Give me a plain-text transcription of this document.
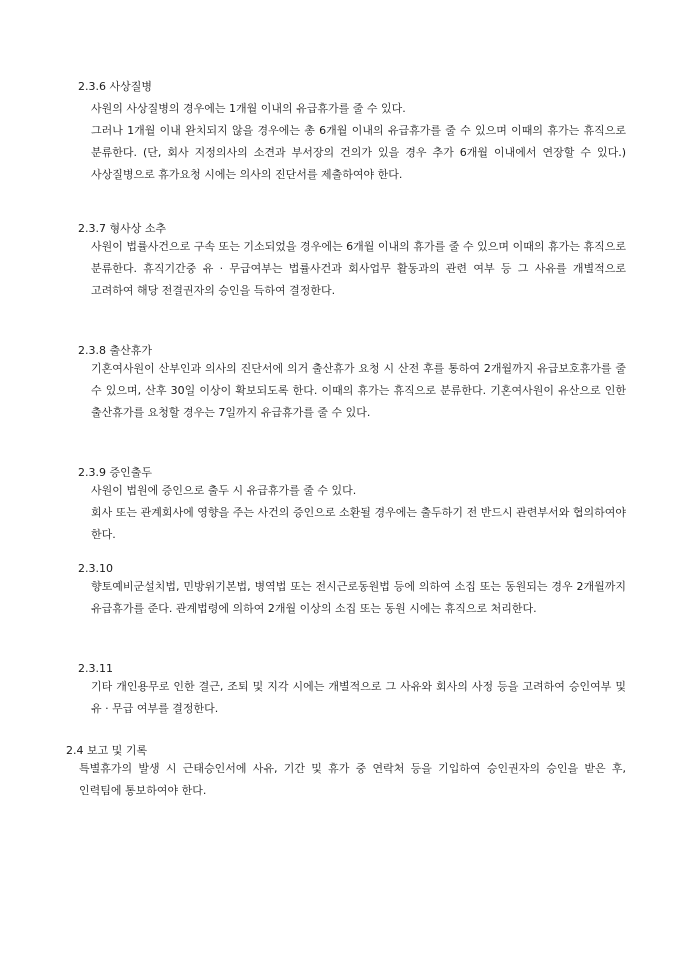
2.3.6 사상질병
사원의 사상질병의 경우에는 1개월 이내의 유급휴가를 줄 수 있다.
그러나 1개월 이내 완치되지 않을 경우에는 총 6개월 이내의 유급휴가를 줄 수 있으며 이때의 휴가는 휴직으로 분류한다. (단, 회사 지정의사의 소견과 부서장의 건의가 있을 경우 추가 6개월 이내에서 연장할 수 있다.) 사상질병으로 휴가요청 시에는 의사의 진단서를 제출하여야 한다.
2.3.7 형사상 소추
사원이 법률사건으로 구속 또는 기소되었을 경우에는 6개월 이내의 휴가를 줄 수 있으며 이때의 휴가는 휴직으로 분류한다. 휴직기간중 유 · 무급여부는 법률사건과 회사업무 활동과의 관련 여부 등 그 사유를 개별적으로 고려하여 해당 전결권자의 승인을 득하여 결정한다.
2.3.8 출산휴가
기혼여사원이 산부인과 의사의 진단서에 의거 출산휴가 요청 시 산전 후를 통하여 2개월까지 유급보호휴가를 줄 수 있으며, 산후 30일 이상이 확보되도록 한다. 이때의 휴가는 휴직으로 분류한다. 기혼여사원이 유산으로 인한 출산휴가를 요청할 경우는 7일까지 유급휴가를 줄 수 있다.
2.3.9 증인출두
사원이 법원에 증인으로 출두 시 유급휴가를 줄 수 있다.
회사 또는 관계회사에 영향을 주는 사건의 증인으로 소환될 경우에는 출두하기 전 반드시 관련부서와 협의하여야 한다.
2.3.10
향토예비군설치법, 민방위기본법, 병역법 또는 전시근로동원법 등에 의하여 소집 또는 동원되는 경우 2개월까지 유급휴가를 준다. 관계법령에 의하여 2개월 이상의 소집 또는 동원 시에는 휴직으로 처리한다.
2.3.11
기타 개인용무로 인한 결근, 조퇴 및 지각 시에는 개별적으로 그 사유와 회사의 사정 등을 고려하여 승인여부 및 유 · 무급 여부를 결정한다.
2.4 보고 및 기록
특별휴가의 발생 시 근태승인서에 사유, 기간 및 휴가 중 연락처 등을 기입하여 승인권자의 승인을 받은 후, 인력팀에 통보하여야 한다.
